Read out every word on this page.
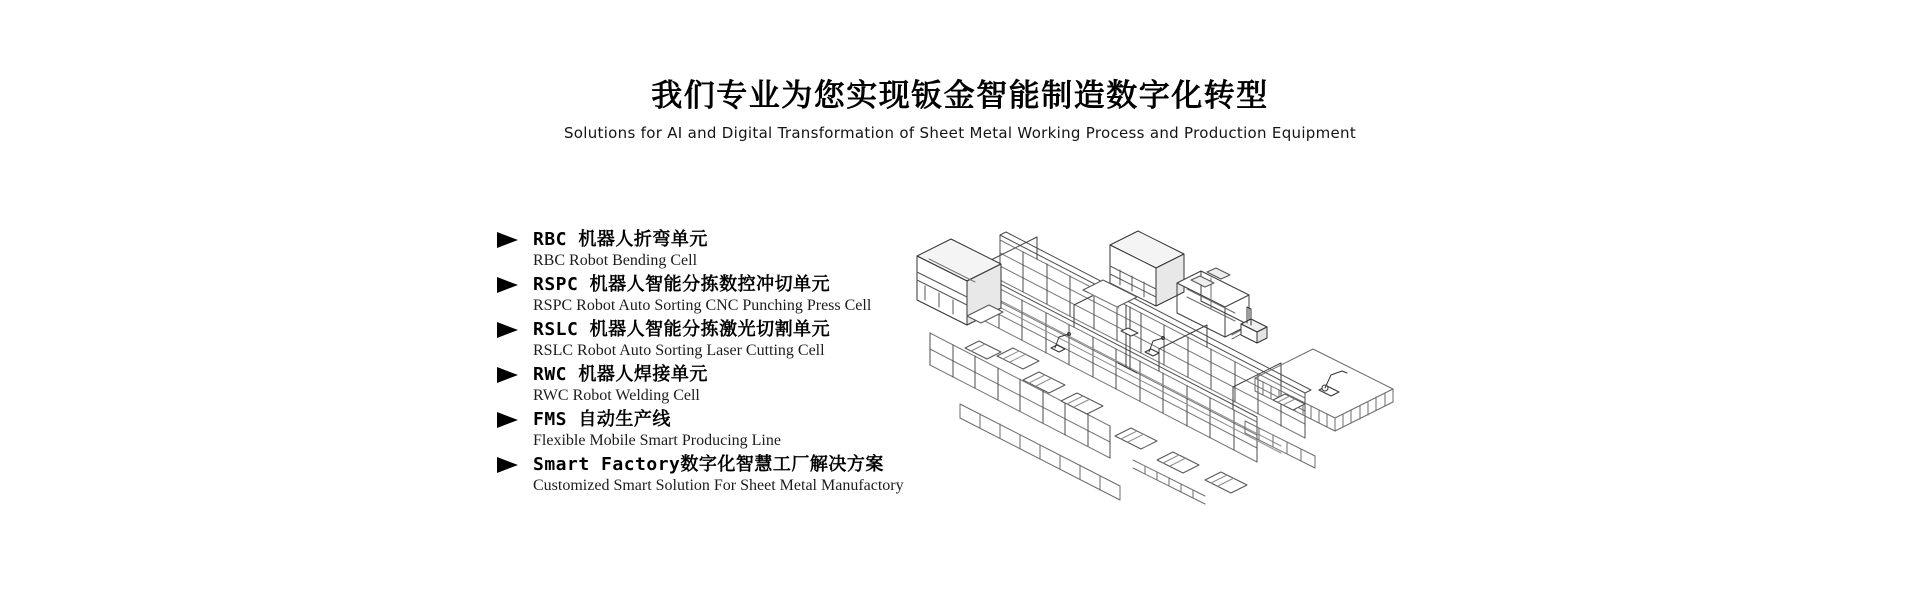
我们专业为您实现钣金智能制造数字化转型
Solutions for AI and Digital Transformation of Sheet Metal Working Process and Production Equipment
RBC 机器人折弯单元
RBC Robot Bending Cell
RSPC 机器人智能分拣数控冲切单元
RSPC Robot Auto Sorting CNC Punching Press Cell
RSLC 机器人智能分拣激光切割单元
RSLC Robot Auto Sorting Laser Cutting Cell
RWC 机器人焊接单元
RWC Robot Welding Cell
FMS 自动生产线
Flexible Mobile Smart Producing Line
Smart Factory数字化智慧工厂解决方案
Customized Smart Solution For Sheet Metal Manufactory
